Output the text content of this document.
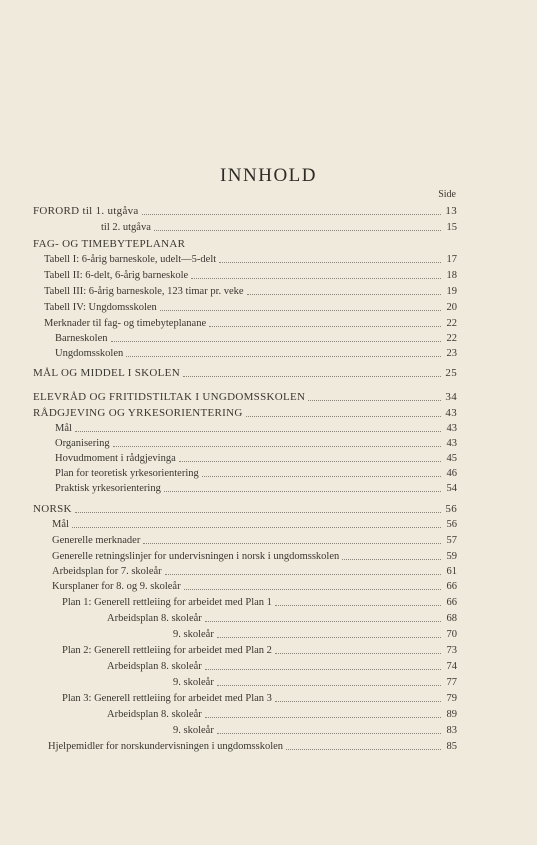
INNHOLD
Side
FORORD til 1. utgåva	13
til 2. utgåva	15
FAG- OG TIMEBYTEPLANAR
Tabell I: 6-årig barneskole, udelt—5-delt	17
Tabell II: 6-delt, 6-årig barneskole	18
Tabell III: 6-årig barneskole, 123 timar pr. veke	19
Tabell IV: Ungdomsskolen	20
Merknader til fag- og timebyteplanane	22
Barneskolen	22
Ungdomsskolen	23
MÅL OG MIDDEL I SKOLEN	25
ELEVRÅD OG FRITIDSTILTAK I UNGDOMSSKOLEN	34
RÅDGJEVING OG YRKESORIENTERING	43
Mål	43
Organisering	43
Hovudmoment i rådgjevinga	45
Plan for teoretisk yrkesorientering	46
Praktisk yrkesorientering	54
NORSK	56
Mål	56
Generelle merknader	57
Generelle retningslinjer for undervisningen i norsk i ungdomsskolen	59
Arbeidsplan for 7. skoleår	61
Kursplaner for 8. og 9. skoleår	66
Plan 1: Generell rettleiing for arbeidet med Plan 1	66
Arbeidsplan 8. skoleår	68
9. skoleår	70
Plan 2: Generell rettleiing for arbeidet med Plan 2	73
Arbeidsplan 8. skoleår	74
9. skoleår	77
Plan 3: Generell rettleiing for arbeidet med Plan 3	79
Arbeidsplan 8. skoleår	89
9. skoleår	83
Hjelpemidler for norskundervisningen i ungdomsskolen	85
